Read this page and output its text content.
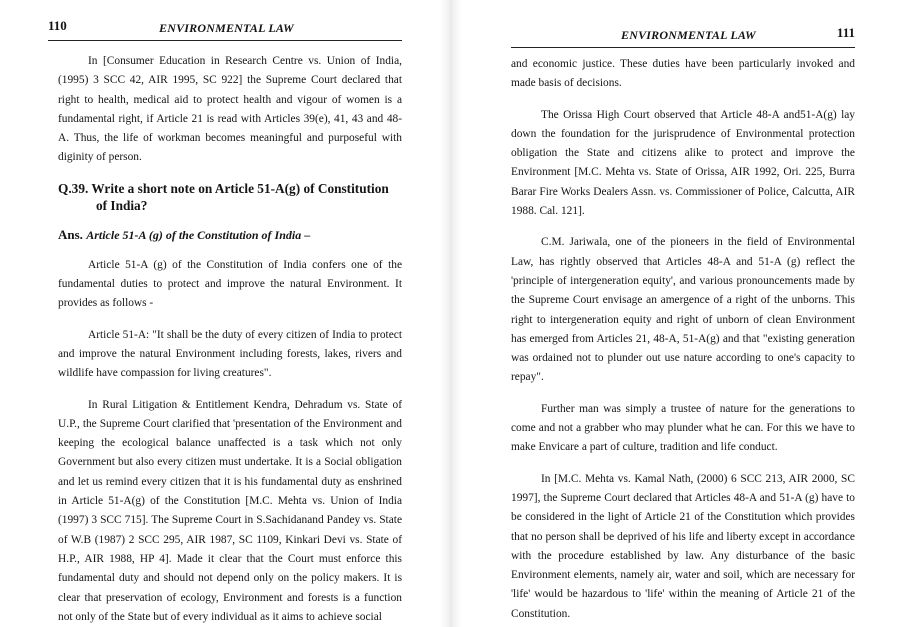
110	ENVIRONMENTAL LAW

In [Consumer Education in Research Centre vs. Union of India, (1995) 3 SCC 42, AIR 1995, SC 922] the Supreme Court declared that right to health, medical aid to protect health and vigour of women is a fundamental right, if Article 21 is read with Articles 39(e), 41, 43 and 48-A. Thus, the life of workman becomes meaningful and purposeful with diginity of person.

Q.39. Write a short note on Article 51-A(g) of Constitution of India?
Ans. Article 51-A (g) of the Constitution of India –

Article 51-A (g) of the Constitution of India confers one of the fundamental duties to protect and improve the natural Environment. It provides as follows -

Article 51-A: "It shall be the duty of every citizen of India to protect and improve the natural Environment including forests, lakes, rivers and wildlife have compassion for living creatures".

In Rural Litigation & Entitlement Kendra, Dehradum vs. State of U.P., the Supreme Court clarified that 'presentation of the Environment and keeping the ecological balance unaffected is a task which not only Government but also every citizen must undertake. It is a Social obligation and let us remind every citizen that it is his fundamental duty as enshrined in Article 51-A(g) of the Constitution [M.C. Mehta vs. Union of India (1997) 3 SCC 715]. The Supreme Court in S.Sachidanand Pandey vs. State of W.B (1987) 2 SCC 295, AIR 1987, SC 1109, Kinkari Devi vs. State of H.P., AIR 1988, HP 4]. Made it clear that the Court must enforce this fundamental duty and should not depend only on the policy makers. It is clear that preservation of ecology, Environment and forests is a function not only of the State but of every individual as it aims to achieve social

ENVIRONMENTAL LAW	111

and economic justice. These duties have been particularly invoked and made basis of decisions.

The Orissa High Court observed that Article 48-A and51-A(g) lay down the foundation for the jurisprudence of Environmental protection obligation the State and citizens alike to protect and improve the Environment [M.C. Mehta vs. State of Orissa, AIR 1992, Ori. 225, Burra Barar Fire Works Dealers Assn. vs. Commissioner of Police, Calcutta, AIR 1988. Cal. 121].

C.M. Jariwala, one of the pioneers in the field of Environmental Law, has rightly observed that Articles 48-A and 51-A (g) reflect the 'principle of intergeneration equity', and various pronouncements made by the Supreme Court envisage an amergence of a right of the unborns. This right to intergeneration equity and right of unborn of clean Environment has emerged from Articles 21, 48-A, 51-A(g) and that "existing generation was ordained not to plunder out use nature according to one's capacity to repay".

Further man was simply a trustee of nature for the generations to come and not a grabber who may plunder what he can. For this we have to make Envicare a part of culture, tradition and life conduct.

In [M.C. Mehta vs. Kamal Nath, (2000) 6 SCC 213, AIR 2000, SC 1997], the Supreme Court declared that Articles 48-A and 51-A (g) have to be considered in the light of Article 21 of the Constitution which provides that no person shall be deprived of his life and liberty except in accordance with the procedure established by law. Any disturbance of the basic Environment elements, namely air, water and soil, which are necessary for 'life' would be hazardous to 'life' within the meaning of Article 21 of the Constitution.
